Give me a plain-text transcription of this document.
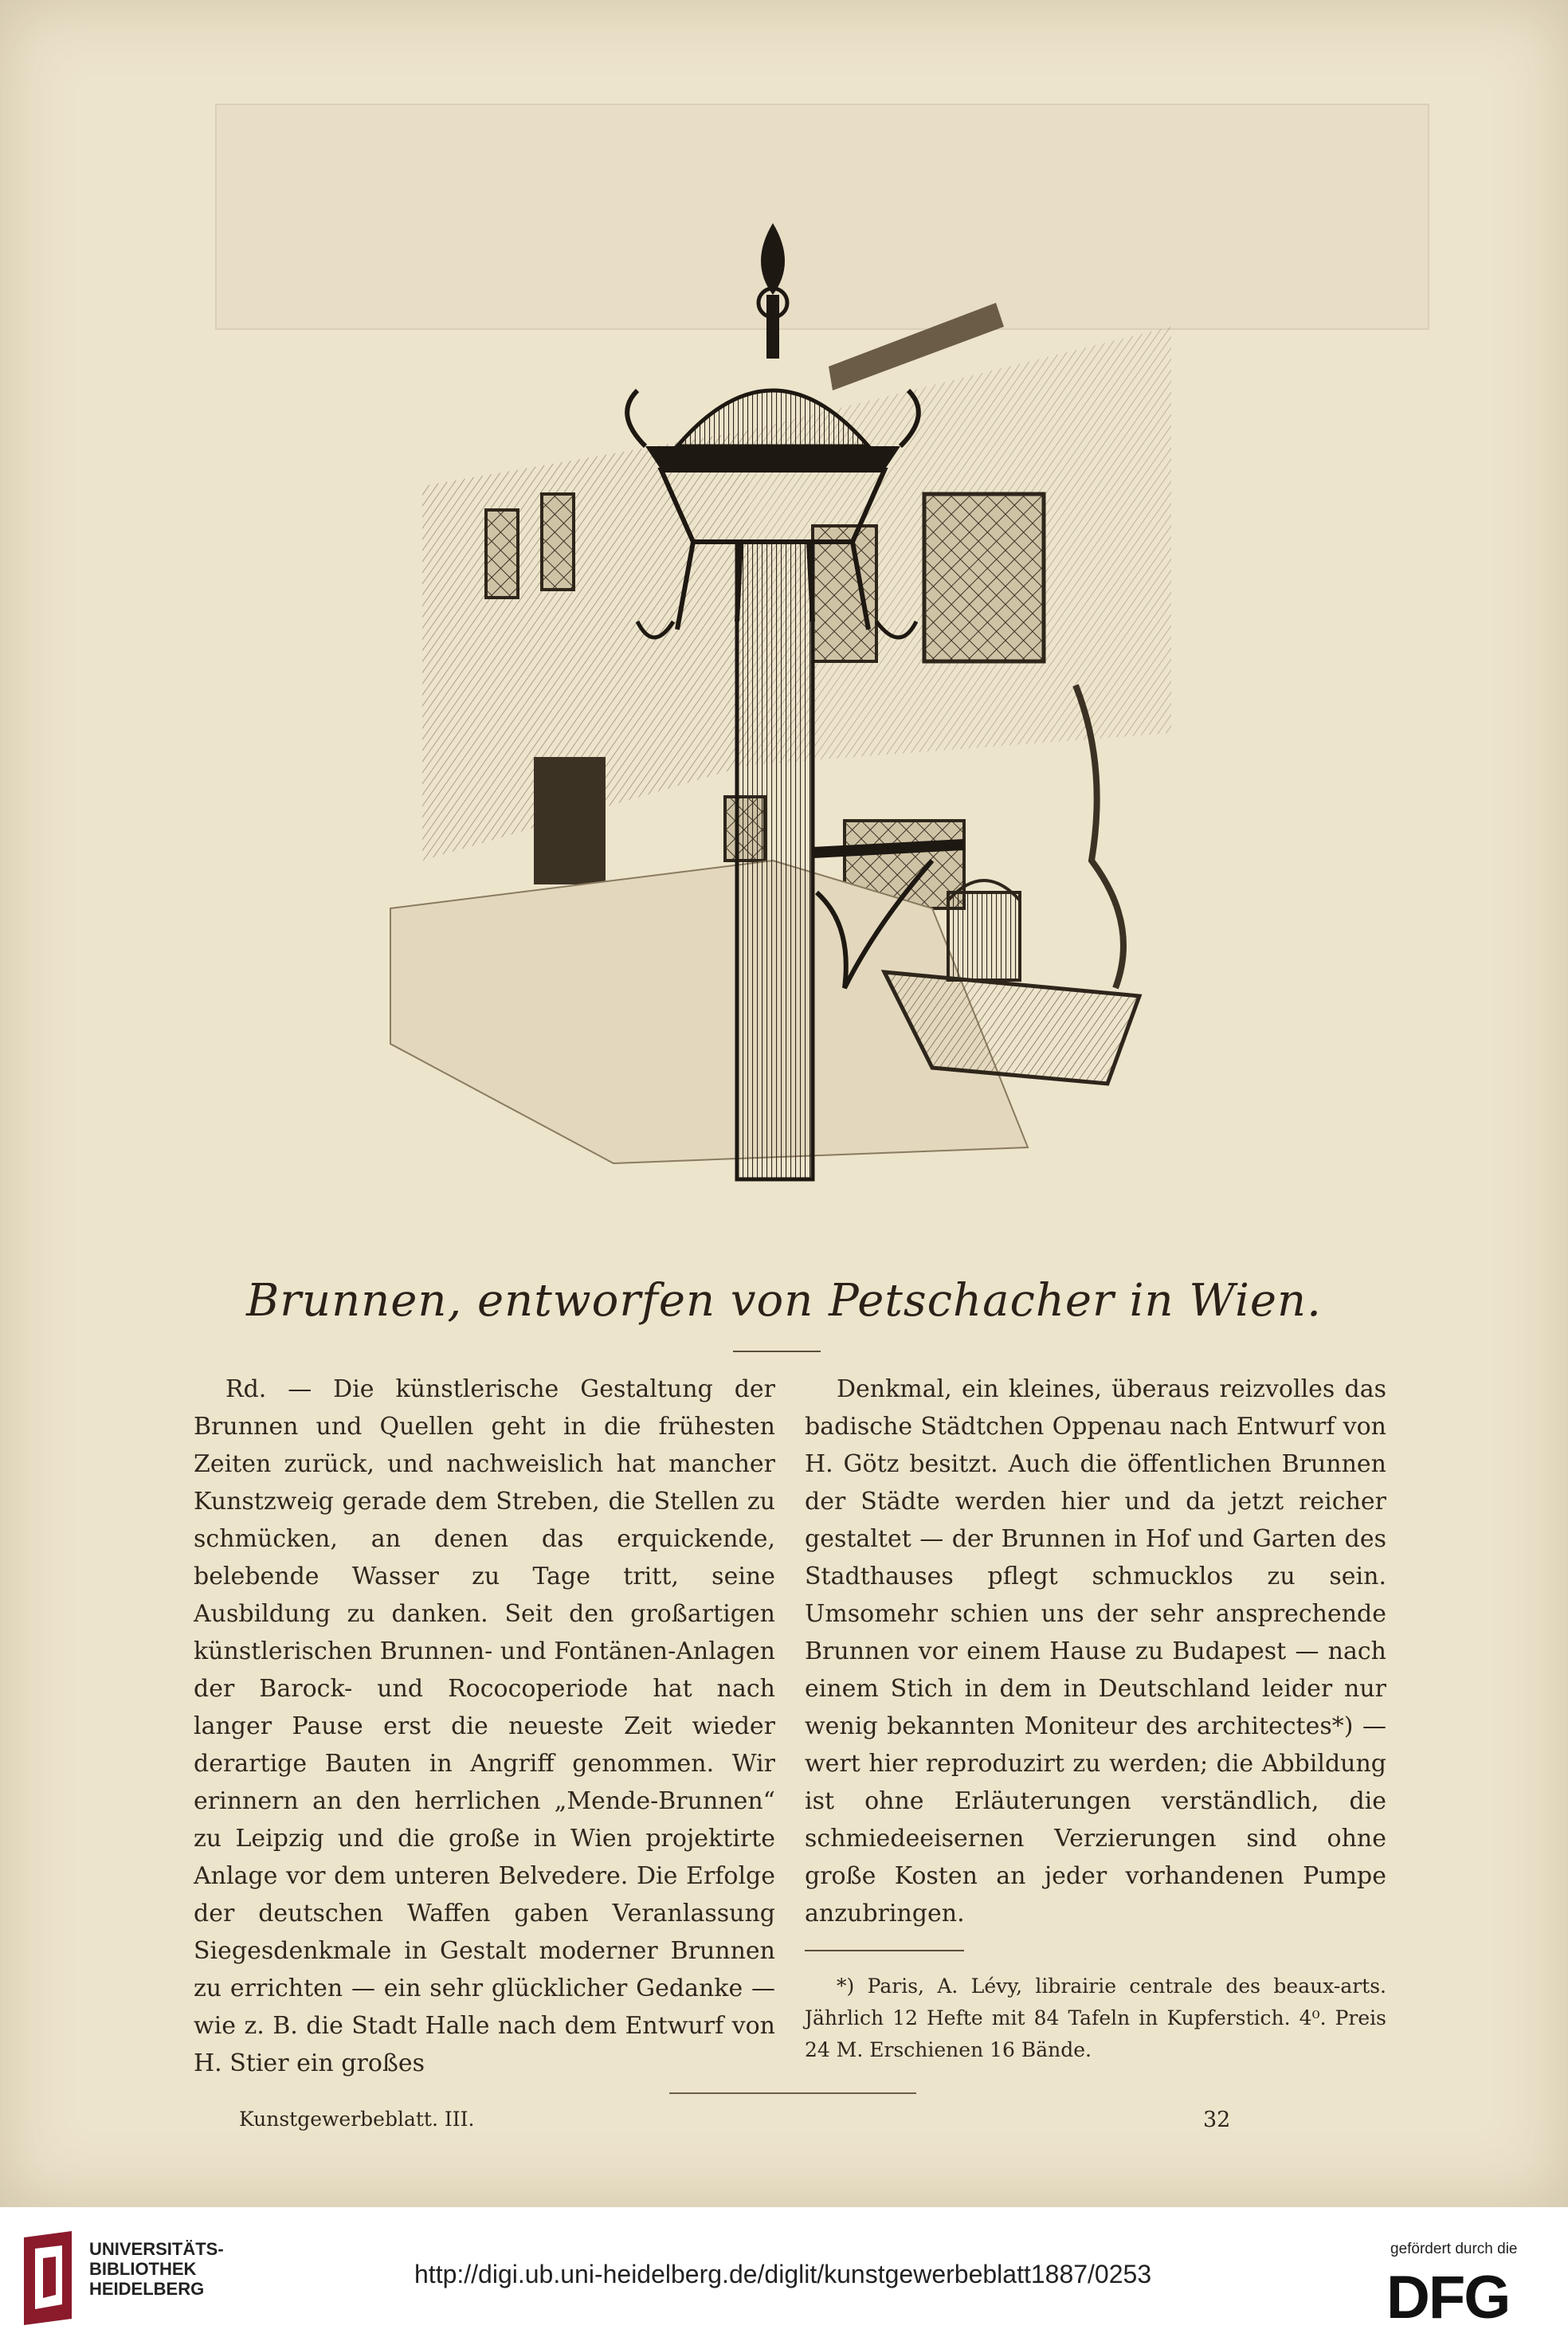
Brunnen, entworfen von Petschacher in Wien.

Rd. — Die künstlerische Gestaltung der Brunnen und Quellen geht in die frühesten Zeiten zurück, und nachweislich hat mancher Kunstzweig gerade dem Streben, die Stellen zu schmücken, an denen das erquickende, belebende Wasser zu Tage tritt, seine Ausbildung zu danken. Seit den großartigen künstlerischen Brunnen- und Fontänen-Anlagen der Barock- und Rococoperiode hat nach langer Pause erst die neueste Zeit wieder derartige Bauten in Angriff genommen. Wir erinnern an den herrlichen „Mende-Brunnen“ zu Leipzig und die große in Wien projektirte Anlage vor dem unteren Belvedere. Die Erfolge der deutschen Waffen gaben Veranlassung Siegesdenkmale in Gestalt moderner Brunnen zu errichten — ein sehr glücklicher Gedanke — wie z. B. die Stadt Halle nach dem Entwurf von H. Stier ein großes

Denkmal, ein kleines, überaus reizvolles das badische Städtchen Oppenau nach Entwurf von H. Götz besitzt. Auch die öffentlichen Brunnen der Städte werden hier und da jetzt reicher gestaltet — der Brunnen in Hof und Garten des Stadthauses pflegt schmucklos zu sein. Umsomehr schien uns der sehr ansprechende Brunnen vor einem Hause zu Budapest — nach einem Stich in dem in Deutschland leider nur wenig bekannten Moniteur des architectes*) — wert hier reproduzirt zu werden; die Abbildung ist ohne Erläuterungen verständlich, die schmiedeeisernen Verzierungen sind ohne große Kosten an jeder vorhandenen Pumpe anzubringen.

*) Paris, A. Lévy, librairie centrale des beaux-arts. Jährlich 12 Hefte mit 84 Tafeln in Kupferstich. 4⁰. Preis 24 M. Erschienen 16 Bände.

Kunstgewerbeblatt. III.	32
UNIVERSITÄTS-
BIBLIOTHEK
HEIDELBERG
http://digi.ub.uni-heidelberg.de/diglit/kunstgewerbeblatt1887/0253
gefördert durch die
DFG
